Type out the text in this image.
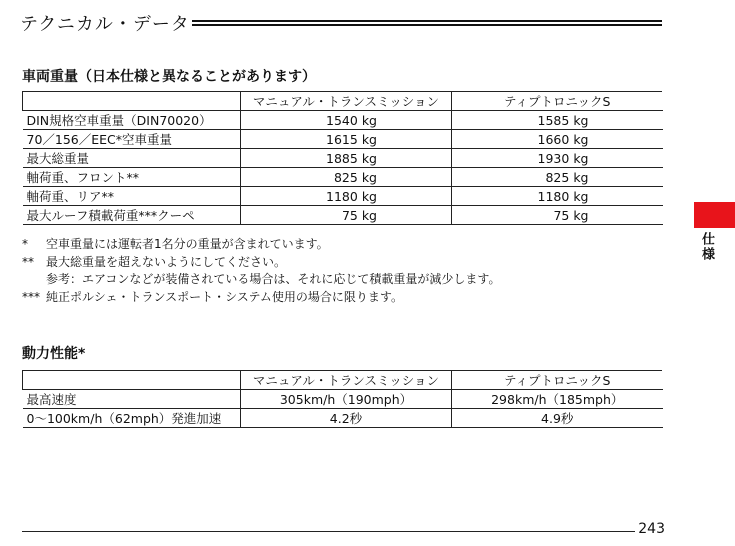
テクニカル・データ
車両重量（日本仕様と異なることがあります）
	マニュアル・トランスミッション	ティプトロニックS
DIN規格空車重量（DIN70020）	1540 kg	1585 kg
70／156／EEC*空車重量	1615 kg	1660 kg
最大総重量	1885 kg	1930 kg
軸荷重、フロント**	825 kg	825 kg
軸荷重、リア**	1180 kg	1180 kg
最大ルーフ積載荷重***クーペ	75 kg	75 kg
*	空車重量には運転者1名分の重量が含まれています。
**	最大総重量を超えないようにしてください。
参考：エアコンなどが装備されている場合は、それに応じて積載重量が減少します。
*** 純正ポルシェ・トランスポート・システム使用の場合に限ります。
動力性能*
	マニュアル・トランスミッション	ティプトロニックS
最高速度	305km/h（190mph）	298km/h（185mph）
0～100km/h（62mph）発進加速	4.2秒	4.9秒
仕様
243
